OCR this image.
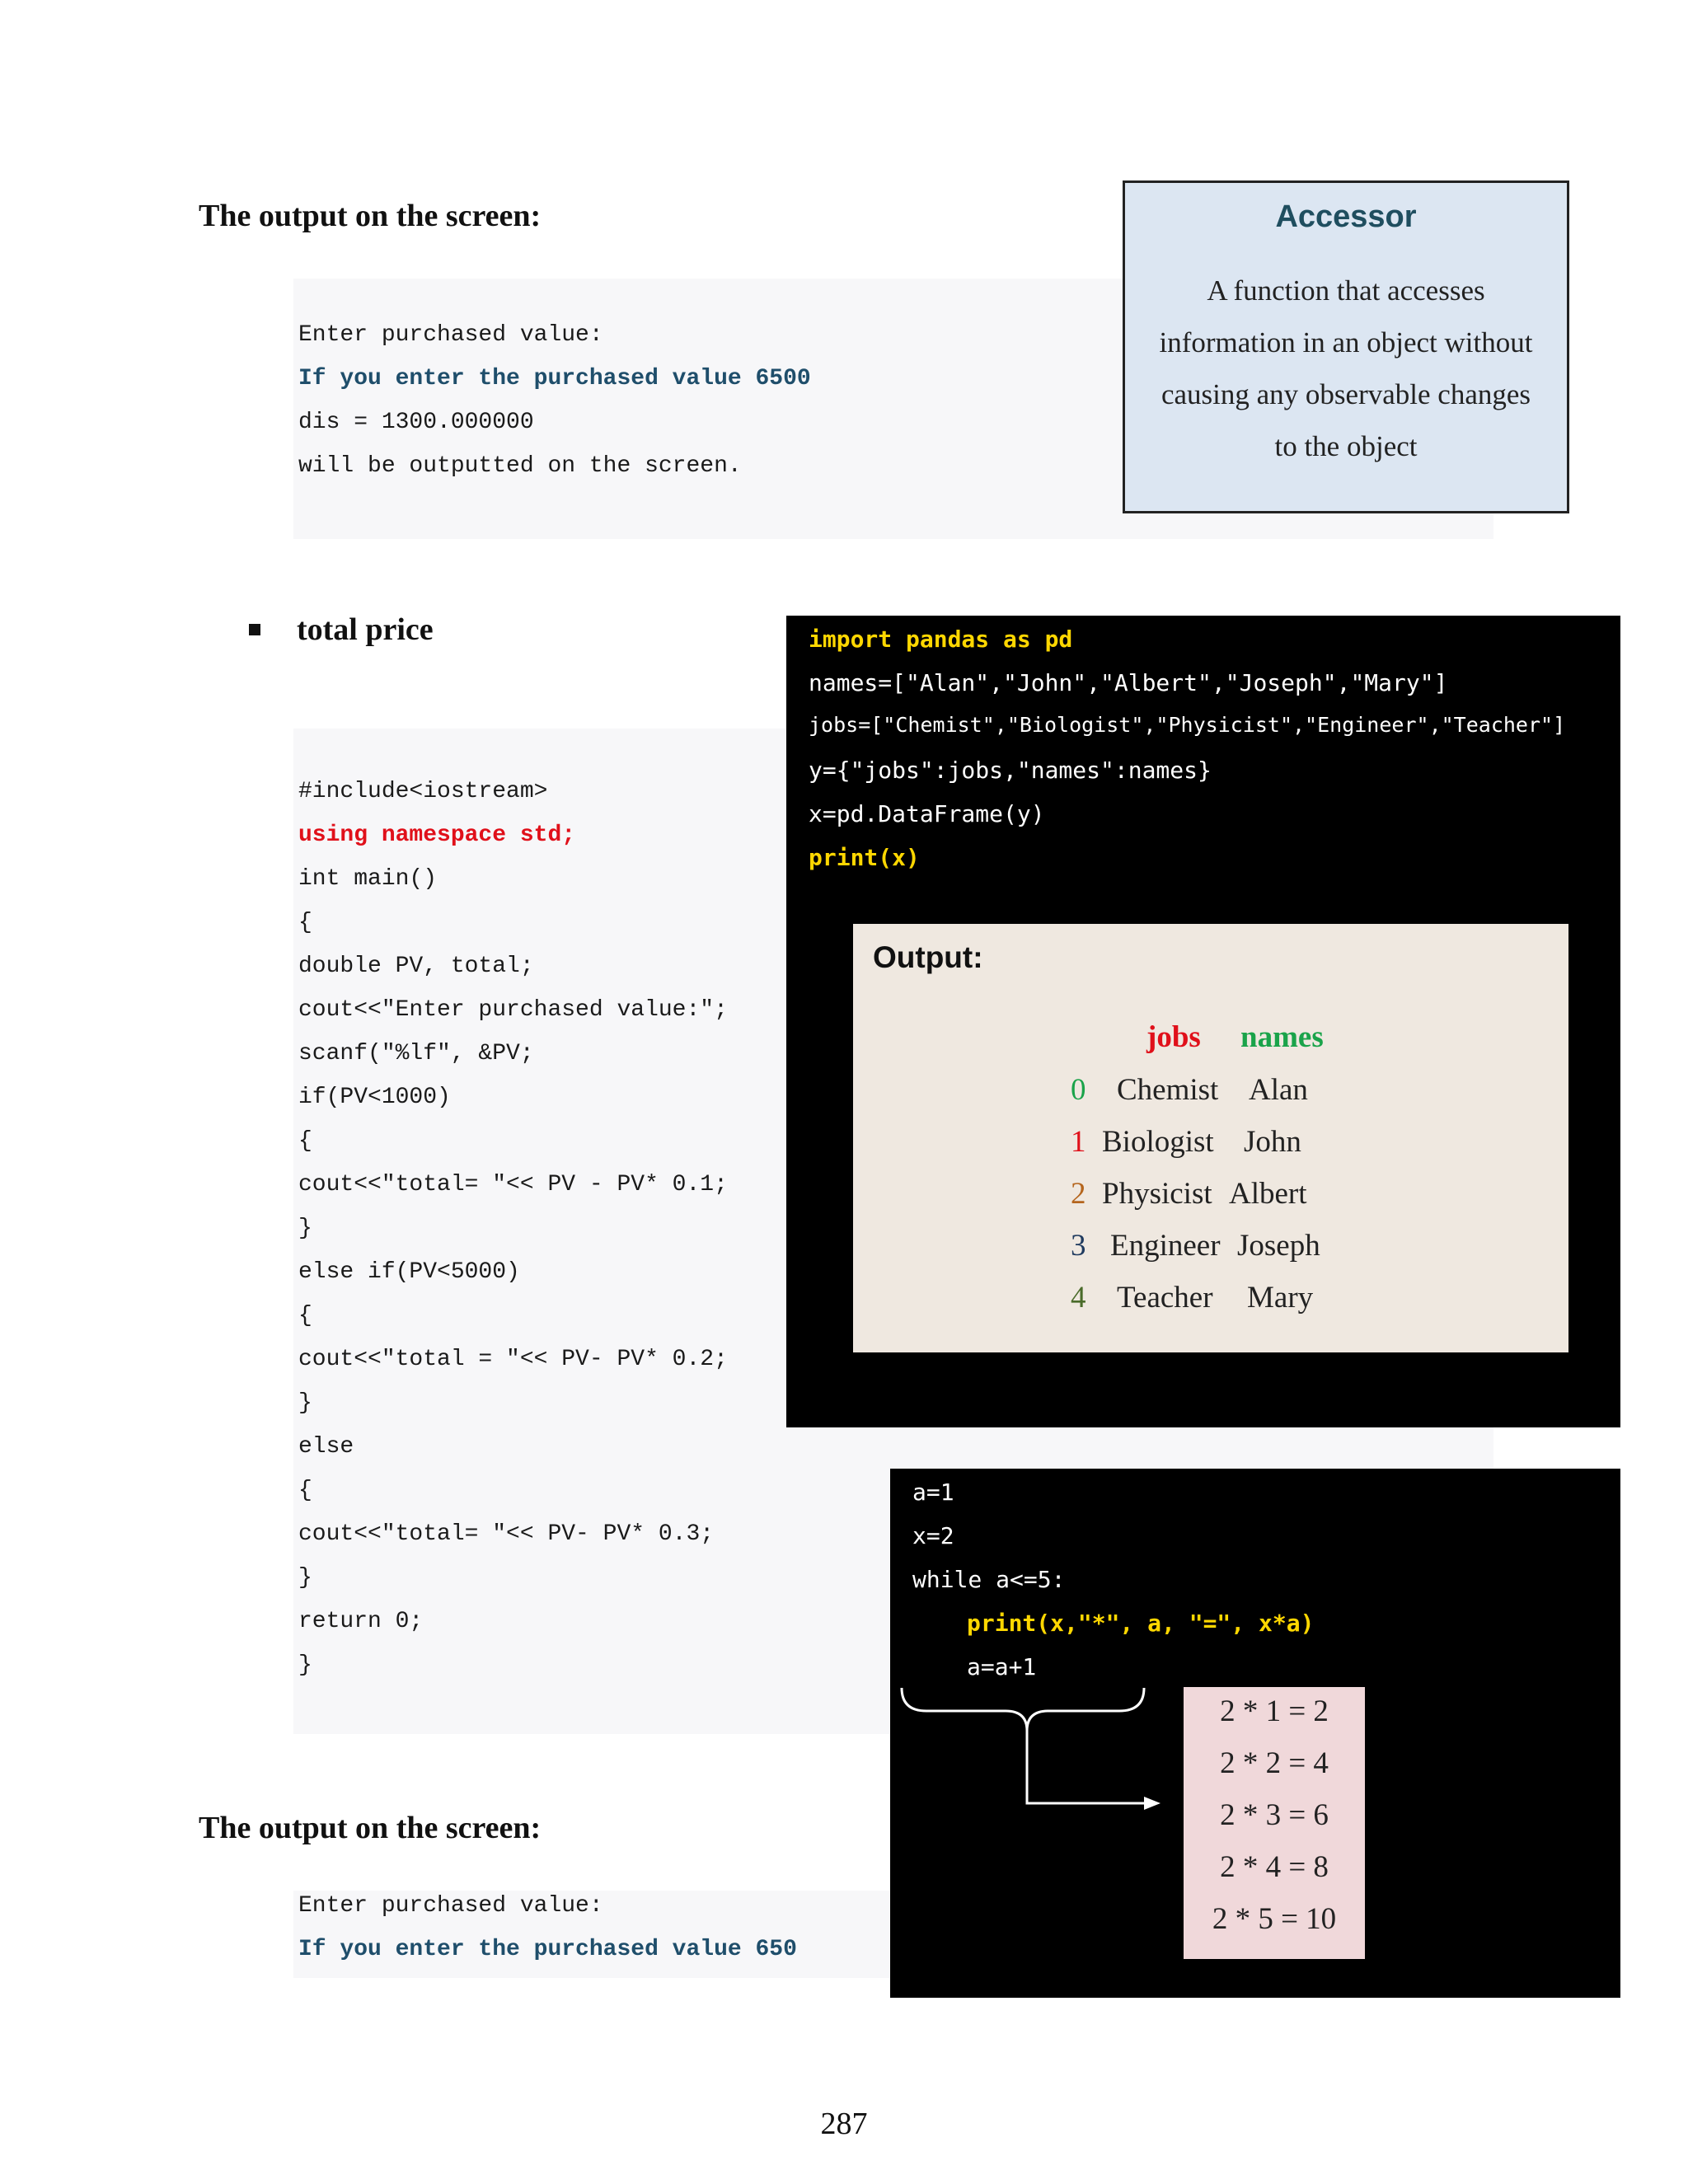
The output on the screen:
Enter purchased value:
If you enter the purchased value 6500
dis = 1300.000000
will be outputted on the screen.
Accessor
A function that accesses
information in an object without
causing any observable changes
to the object
total price
#include<iostream>
using namespace std;
int main()
{
double PV, total;
cout<<"Enter purchased value:";
scanf("%lf", &PV;
if(PV<1000)
{
cout<<"total= "<< PV - PV* 0.1;
}
else if(PV<5000)
{
cout<<"total = "<< PV- PV* 0.2;
}
else
{
cout<<"total= "<< PV- PV* 0.3;
}
return 0;
}
import pandas as pd
names=["Alan","John","Albert","Joseph","Mary"]
jobs=["Chemist","Biologist","Physicist","Engineer","Teacher"]
y={"jobs":jobs,"names":names}
x=pd.DataFrame(y)
print(x)
Output:
jobs names
0 Chemist Alan
1 Biologist John
2 Physicist Albert
3 Engineer Joseph
4 Teacher Mary
a=1
x=2
while a<=5:
print(x,"*", a, "=", x*a)
a=a+1
2 * 1 = 2
2 * 2 = 4
2 * 3 = 6
2 * 4 = 8
2 * 5 = 10
The output on the screen:
Enter purchased value:
If you enter the purchased value 650
287
